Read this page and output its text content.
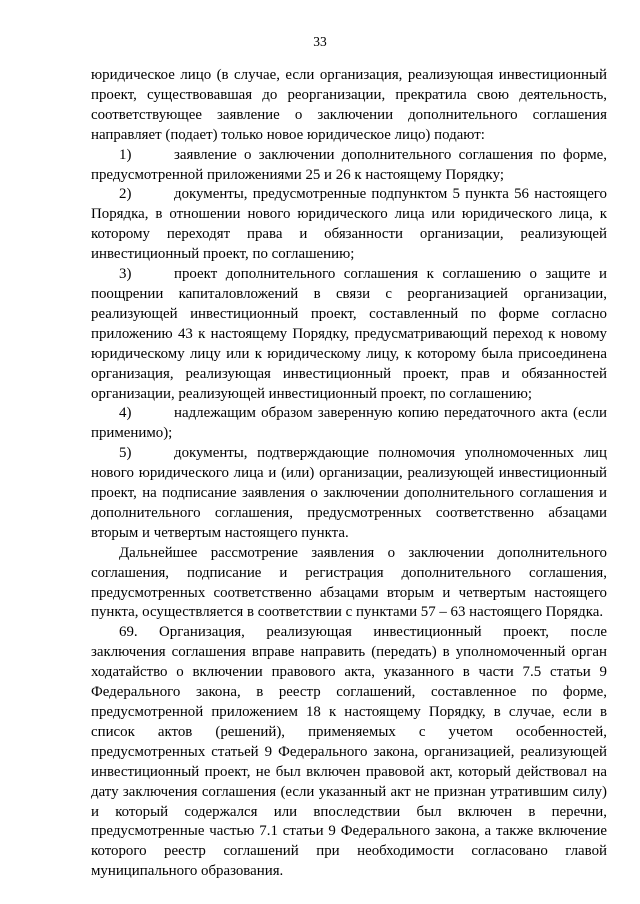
33

юридическое лицо (в случае, если организация, реализующая инвестиционный проект, существовавшая до реорганизации, прекратила свою деятельность, соответствующее заявление о заключении дополнительного соглашения направляет (подает) только новое юридическое лицо) подают:

1)	заявление о заключении дополнительного соглашения по форме, предусмотренной приложениями 25 и 26 к настоящему Порядку;

2)	документы, предусмотренные подпунктом 5 пункта 56 настоящего Порядка, в отношении нового юридического лица или юридического лица, к которому переходят права и обязанности организации, реализующей инвестиционный проект, по соглашению;

3)	проект дополнительного соглашения к соглашению о защите и поощрении капиталовложений в связи с реорганизацией организации, реализующей инвестиционный проект, составленный по форме согласно приложению 43 к настоящему Порядку, предусматривающий переход к новому юридическому лицу или к юридическому лицу, к которому была присоединена организация, реализующая инвестиционный проект, прав и обязанностей организации, реализующей инвестиционный проект, по соглашению;

4)	надлежащим образом заверенную копию передаточного акта (если применимо);

5)	документы, подтверждающие полномочия уполномоченных лиц нового юридического лица и (или) организации, реализующей инвестиционный проект, на подписание заявления о заключении дополнительного соглашения и дополнительного соглашения, предусмотренных соответственно абзацами вторым и четвертым настоящего пункта.

Дальнейшее рассмотрение заявления о заключении дополнительного соглашения, подписание и регистрация дополнительного соглашения, предусмотренных соответственно абзацами вторым и четвертым настоящего пункта, осуществляется в соответствии с пунктами 57 – 63 настоящего Порядка.

69. Организация, реализующая инвестиционный проект, после заключения соглашения вправе направить (передать) в уполномоченный орган ходатайство о включении правового акта, указанного в части 7.5 статьи 9 Федерального закона, в реестр соглашений, составленное по форме, предусмотренной приложением 18 к настоящему Порядку, в случае, если в список актов (решений), применяемых с учетом особенностей, предусмотренных статьей 9 Федерального закона, организацией, реализующей инвестиционный проект, не был включен правовой акт, который действовал на дату заключения соглашения (если указанный акт не признан утратившим силу) и который содержался или впоследствии был включен в перечни, предусмотренные частью 7.1 статьи 9 Федерального закона, а также включение которого реестр соглашений при необходимости согласовано главой муниципального образования.
